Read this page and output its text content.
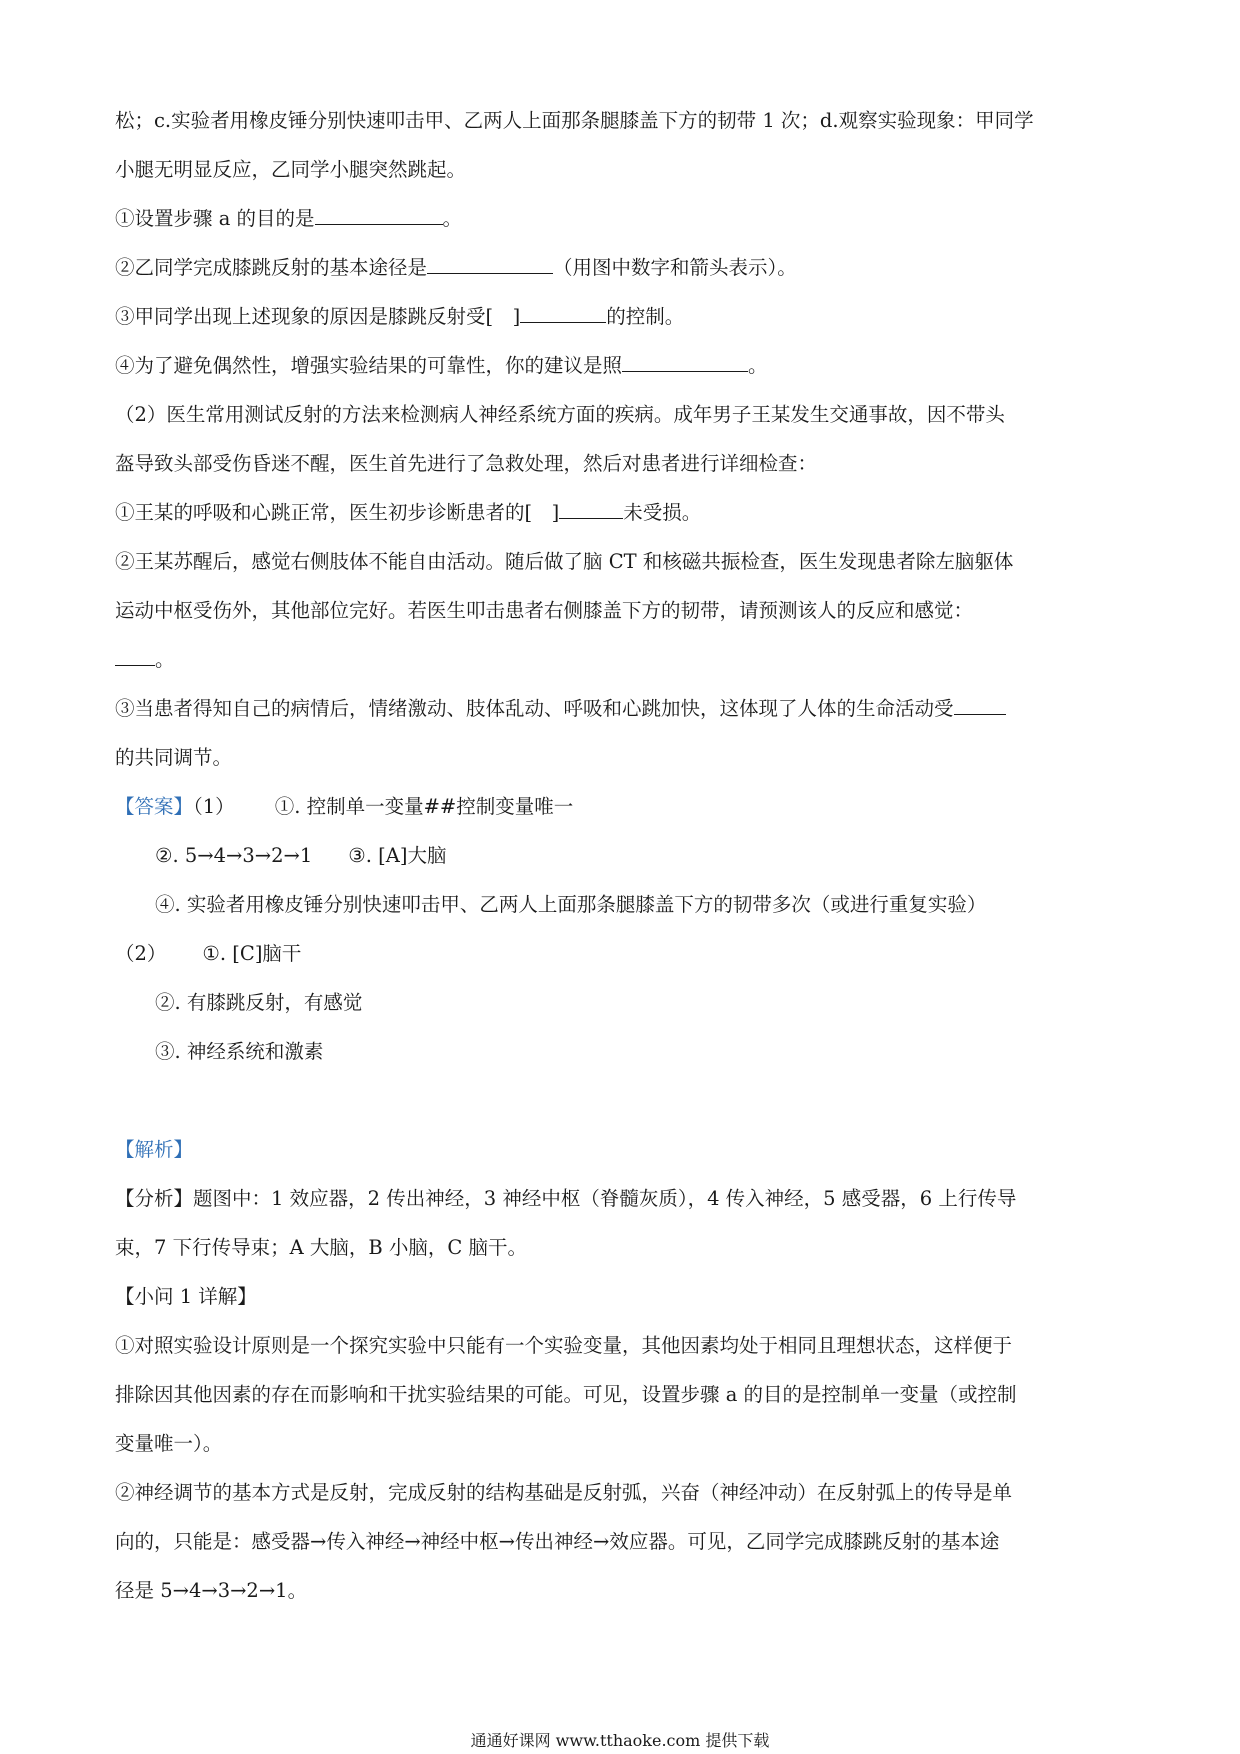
松；c.实验者用橡皮锤分别快速叩击甲、乙两人上面那条腿膝盖下方的韧带 1 次；d.观察实验现象：甲同学
小腿无明显反应，乙同学小腿突然跳起。
①设置步骤 a 的目的是	。
②乙同学完成膝跳反射的基本途径是	（用图中数字和箭头表示）。
③甲同学出现上述现象的原因是膝跳反射受[　]	的控制。
④为了避免偶然性，增强实验结果的可靠性，你的建议是照	。
（2）医生常用测试反射的方法来检测病人神经系统方面的疾病。成年男子王某发生交通事故，因不带头
盔导致头部受伤昏迷不醒，医生首先进行了急救处理，然后对患者进行详细检查：
①王某的呼吸和心跳正常，医生初步诊断患者的[　]	未受损。
②王某苏醒后，感觉右侧肢体不能自由活动。随后做了脑 CT 和核磁共振检查，医生发现患者除左脑躯体
运动中枢受伤外，其他部位完好。若医生叩击患者右侧膝盖下方的韧带，请预测该人的反应和感觉：
。
③当患者得知自己的病情后，情绪激动、肢体乱动、呼吸和心跳加快，这体现了人体的生命活动受
的共同调节。
【答案】（1） ①. 控制单一变量##控制变量唯一
②. 5→4→3→2→1 ③. [A]大脑
④. 实验者用橡皮锤分别快速叩击甲、乙两人上面那条腿膝盖下方的韧带多次（或进行重复实验）
（2） ①. [C]脑干
②. 有膝跳反射，有感觉
③. 神经系统和激素
【解析】
【分析】题图中：1 效应器，2 传出神经，3 神经中枢（脊髓灰质），4 传入神经，5 感受器，6 上行传导
束，7 下行传导束；A 大脑，B 小脑，C 脑干。
【小问 1 详解】
①对照实验设计原则是一个探究实验中只能有一个实验变量，其他因素均处于相同且理想状态，这样便于
排除因其他因素的存在而影响和干扰实验结果的可能。可见，设置步骤 a 的目的是控制单一变量（或控制
变量唯一）。
②神经调节的基本方式是反射，完成反射的结构基础是反射弧，兴奋（神经冲动）在反射弧上的传导是单
向的，只能是：感受器→传入神经→神经中枢→传出神经→效应器。可见，乙同学完成膝跳反射的基本途
径是 5→4→3→2→1。
通通好课网 www.tthaoke.com 提供下载
